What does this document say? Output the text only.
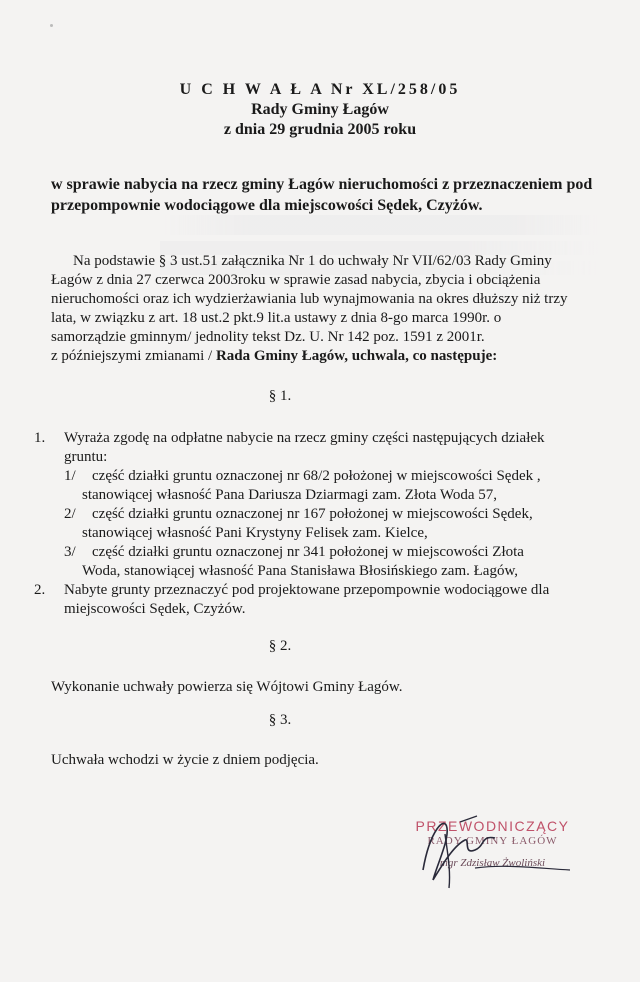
U C H W A Ł A Nr XL/258/05
Rady Gminy Łagów
z dnia 29 grudnia 2005 roku
w sprawie nabycia na rzecz gminy Łagów nieruchomości z przeznaczeniem pod
przepompownie wodociągowe dla miejscowości Sędek, Czyżów.
Na podstawie § 3 ust.51 załącznika Nr 1 do uchwały Nr VII/62/03 Rady Gminy
Łagów z dnia 27 czerwca 2003roku w sprawie zasad nabycia, zbycia i obciążenia
nieruchomości oraz ich wydzierżawiania lub wynajmowania na okres dłuższy niż trzy
lata, w związku z art. 18 ust.2 pkt.9 lit.a ustawy z dnia 8-go marca 1990r. o
samorządzie gminnym/ jednolity tekst Dz. U. Nr 142 poz. 1591 z 2001r.
z późniejszymi zmianami / Rada Gminy Łagów, uchwala, co następuje:
§ 1.
1. Wyraża zgodę na odpłatne nabycie na rzecz gminy części następujących działek
gruntu:
1/	część działki gruntu oznaczonej nr 68/2 położonej w miejscowości Sędek ,
stanowiącej własność Pana Dariusza Dziarmagi zam. Złota Woda 57,
2/	część działki gruntu oznaczonej nr 167 położonej w miejscowości Sędek,
stanowiącej własność Pani Krystyny Felisek zam. Kielce,
3/	część działki gruntu oznaczonej nr 341 położonej w miejscowości Złota
Woda, stanowiącej własność Pana Stanisława Błosińskiego zam. Łagów,
2. Nabyte grunty przeznaczyć pod projektowane przepompownie wodociągowe dla
miejscowości Sędek, Czyżów.
§ 2.
Wykonanie uchwały powierza się Wójtowi Gminy Łagów.
§ 3.
Uchwała wchodzi w życie z dniem podjęcia.
PRZEWODNICZĄCY
RADY GMINY ŁAGÓW
mgr Zdzisław Żwoliński
